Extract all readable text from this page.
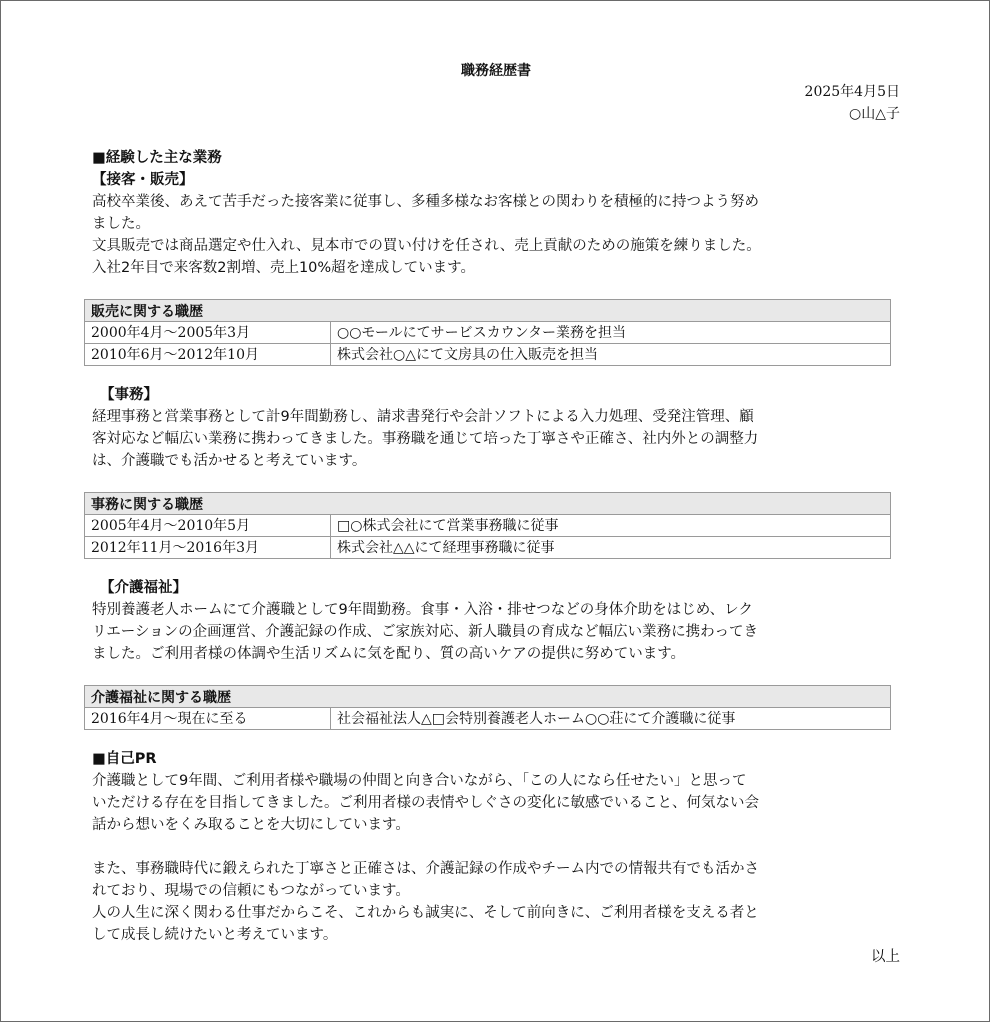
職務経歴書

2025年4月5日

○山△子

■経験した主な業務
【接客・販売】

高校卒業後、あえて苦手だった接客業に従事し、多種多様なお客様との関わりを積極的に持つよう努め

ました。

文具販売では商品選定や仕入れ、見本市での買い付けを任され、売上貢献のための施策を練りました。

入社2年目で来客数2割増、売上10%超を達成しています。

販売に関する職歴	
2000年4月～2005年3月	○○モールにてサービスカウンター業務を担当
2010年6月～2012年10月	株式会社○△にて文房具の仕入販売を担当
【事務】

経理事務と営業事務として計9年間勤務し、請求書発行や会計ソフトによる入力処理、受発注管理、顧

客対応など幅広い業務に携わってきました。事務職を通じて培った丁寧さや正確さ、社内外との調整力

は、介護職でも活かせると考えています。

事務に関する職歴	
2005年4月～2010年5月	□○株式会社にて営業事務職に従事
2012年11月～2016年3月	株式会社△△にて経理事務職に従事
【介護福祉】

特別養護老人ホームにて介護職として9年間勤務。食事・入浴・排せつなどの身体介助をはじめ、レク

リエーションの企画運営、介護記録の作成、ご家族対応、新人職員の育成など幅広い業務に携わってき

ました。ご利用者様の体調や生活リズムに気を配り、質の高いケアの提供に努めています。

介護福祉に関する職歴
2016年4月～現在に至る	社会福祉法人△□会特別養護老人ホーム○○荘にて介護職に従事
■自己PR

介護職として9年間、ご利用者様や職場の仲間と向き合いながら、「この人になら任せたい」と思って

いただける存在を目指してきました。ご利用者様の表情やしぐさの変化に敏感でいること、何気ない会

話から想いをくみ取ることを大切にしています。

また、事務職時代に鍛えられた丁寧さと正確さは、介護記録の作成やチーム内での情報共有でも活かさ

れており、現場での信頼にもつながっています。

人の人生に深く関わる仕事だからこそ、これからも誠実に、そして前向きに、ご利用者様を支える者と

して成長し続けたいと考えています。

以上
